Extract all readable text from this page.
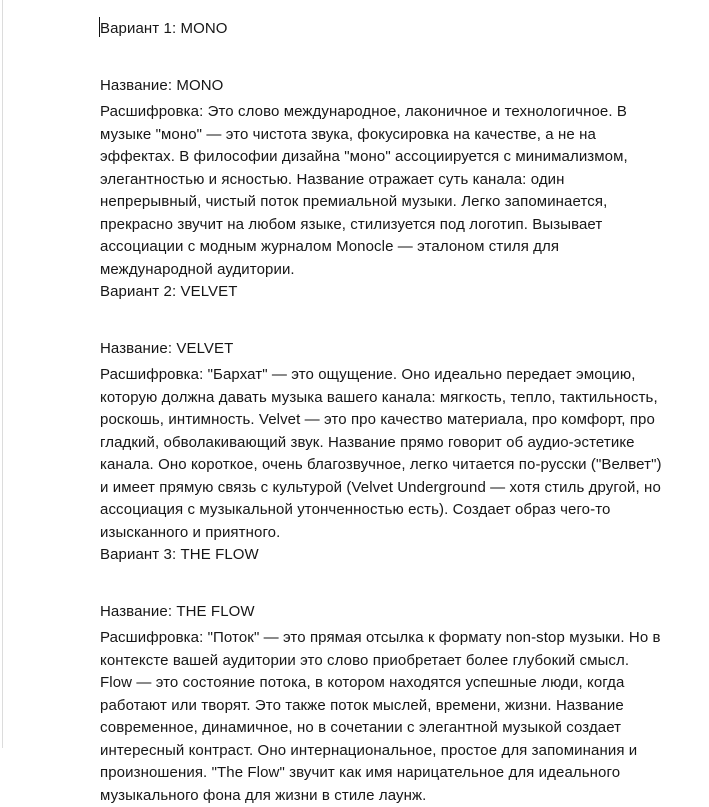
Вариант 1: MONO

Название: MONO

Расшифровка: Это слово международное, лаконичное и технологичное. В музыке "моно" — это чистота звука, фокусировка на качестве, а не на эффектах. В философии дизайна "моно" ассоциируется с минимализмом, элегантностью и ясностью. Название отражает суть канала: один непрерывный, чистый поток премиальной музыки. Легко запоминается, прекрасно звучит на любом языке, стилизуется под логотип. Вызывает ассоциации с модным журналом Monocle — эталоном стиля для международной аудитории.

Вариант 2: VELVET

Название: VELVET

Расшифровка: "Бархат" — это ощущение. Оно идеально передает эмоцию, которую должна давать музыка вашего канала: мягкость, тепло, тактильность, роскошь, интимность. Velvet — это про качество материала, про комфорт, про гладкий, обволакивающий звук. Название прямо говорит об аудио-эстетике канала. Оно короткое, очень благозвучное, легко читается по-русски ("Велвет") и имеет прямую связь с культурой (Velvet Underground — хотя стиль другой, но ассоциация с музыкальной утонченностью есть). Создает образ чего-то изысканного и приятного.

Вариант 3: THE FLOW

Название: THE FLOW

Расшифровка: "Поток" — это прямая отсылка к формату non-stop музыки. Но в контексте вашей аудитории это слово приобретает более глубокий смысл. Flow — это состояние потока, в котором находятся успешные люди, когда работают или творят. Это также поток мыслей, времени, жизни. Название современное, динамичное, но в сочетании с элегантной музыкой создает интересный контраст. Оно интернациональное, простое для запоминания и произношения. "The Flow" звучит как имя нарицательное для идеального музыкального фона для жизни в стиле лаунж.
